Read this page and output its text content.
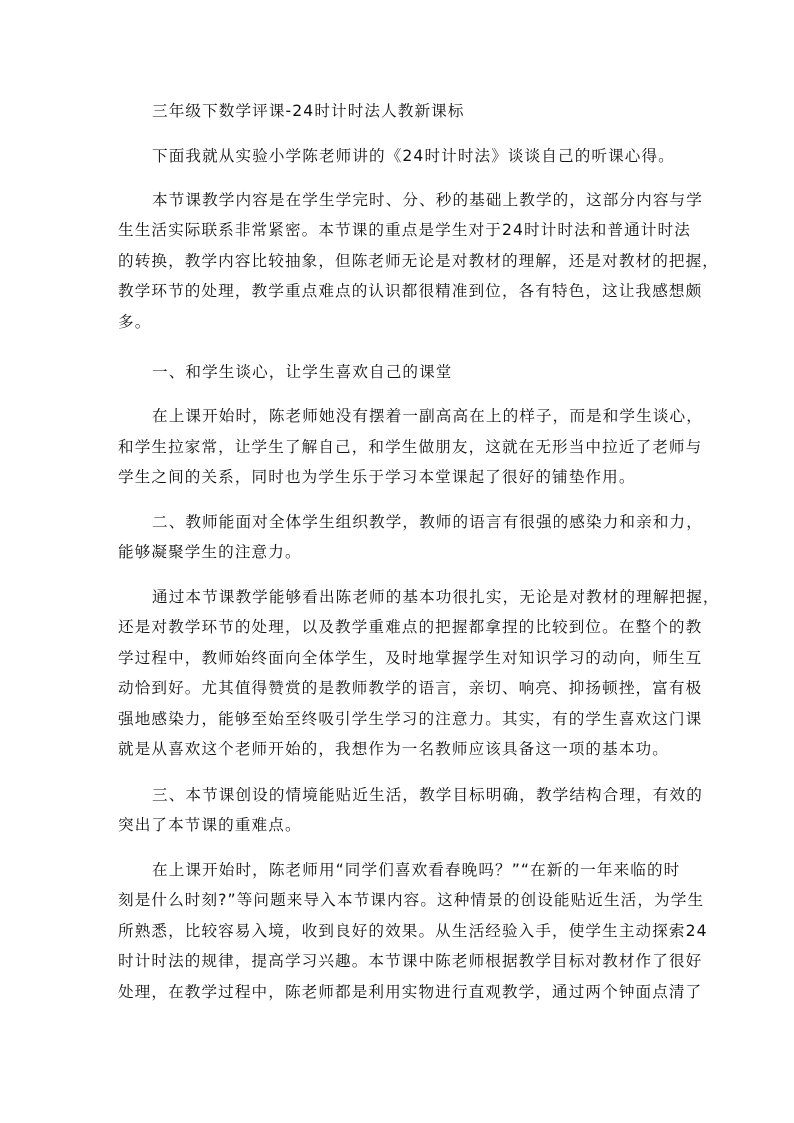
三年级下数学评课-24时计时法人教新课标
下面我就从实验小学陈老师讲的《24时计时法》谈谈自己的听课心得。
本节课教学内容是在学生学完时、分、秒的基础上教学的，这部分内容与学
生生活实际联系非常紧密。本节课的重点是学生对于24时计时法和普通计时法
的转换，教学内容比较抽象，但陈老师无论是对教材的理解，还是对教材的把握，
教学环节的处理，教学重点难点的认识都很精准到位，各有特色，这让我感想颇
多。
一、和学生谈心，让学生喜欢自己的课堂
在上课开始时，陈老师她没有摆着一副高高在上的样子，而是和学生谈心，
和学生拉家常，让学生了解自己，和学生做朋友，这就在无形当中拉近了老师与
学生之间的关系，同时也为学生乐于学习本堂课起了很好的铺垫作用。
二、教师能面对全体学生组织教学，教师的语言有很强的感染力和亲和力，
能够凝聚学生的注意力。
通过本节课教学能够看出陈老师的基本功很扎实，无论是对教材的理解把握，
还是对教学环节的处理，以及教学重难点的把握都拿捏的比较到位。在整个的教
学过程中，教师始终面向全体学生，及时地掌握学生对知识学习的动向，师生互
动恰到好。尤其值得赞赏的是教师教学的语言，亲切、响亮、抑扬顿挫，富有极
强地感染力，能够至始至终吸引学生学习的注意力。其实，有的学生喜欢这门课
就是从喜欢这个老师开始的，我想作为一名教师应该具备这一项的基本功。
三、本节课创设的情境能贴近生活，教学目标明确，教学结构合理，有效的
突出了本节课的重难点。
在上课开始时，陈老师用“同学们喜欢看春晚吗？”“在新的一年来临的时
刻是什么时刻?”等问题来导入本节课内容。这种情景的创设能贴近生活，为学生
所熟悉，比较容易入境，收到良好的效果。从生活经验入手，使学生主动探索24
时计时法的规律，提高学习兴趣。本节课中陈老师根据教学目标对教材作了很好
处理，在教学过程中，陈老师都是利用实物进行直观教学，通过两个钟面点清了
